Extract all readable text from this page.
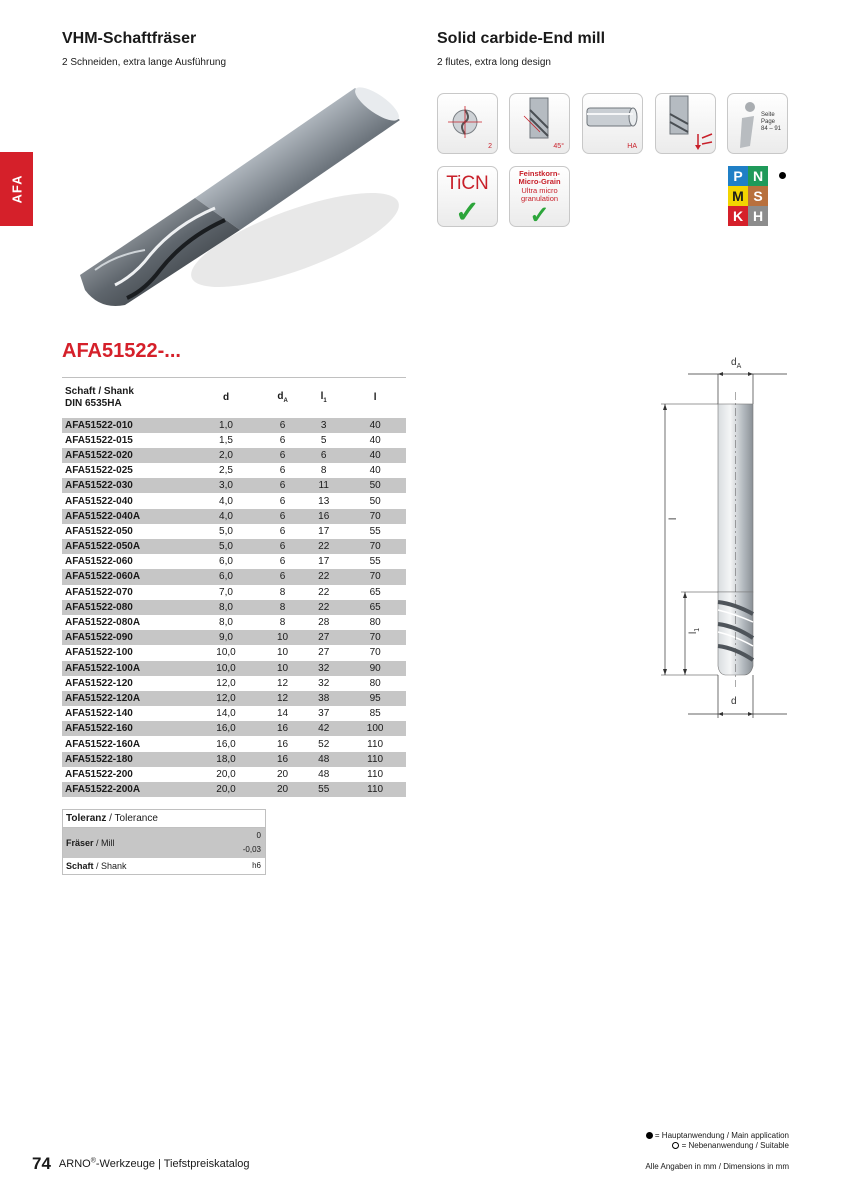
AFA
VHM-Schaftfräser
2 Schneiden, extra lange Ausführung
Solid carbide-End mill
2 flutes, extra long design
2	45°	HA
Seite Page
84 – 91
TiCN
✓
Feinstkorn-
Micro-Grain
Ultra micro
granulation
✓
P N
M S
K H
AFA51522-...
Schaft / Shank
DIN 6535HA	d	$d_A$	$l_1$	l
AFA51522-010	1,0	6	3	40
AFA51522-015	1,5	6	5	40
AFA51522-020	2,0	6	6	40
AFA51522-025	2,5	6	8	40
AFA51522-030	3,0	6	11	50
AFA51522-040	4,0	6	13	50
AFA51522-040A	4,0	6	16	70
AFA51522-050	5,0	6	17	55
AFA51522-050A	5,0	6	22	70
AFA51522-060	6,0	6	17	55
AFA51522-060A	6,0	6	22	70
AFA51522-070	7,0	8	22	65
AFA51522-080	8,0	8	22	65
AFA51522-080A	8,0	8	28	80
AFA51522-090	9,0	10	27	70
AFA51522-100	10,0	10	27	70
AFA51522-100A	10,0	10	32	90
AFA51522-120	12,0	12	32	80
AFA51522-120A	12,0	12	38	95
AFA51522-140	14,0	14	37	85
AFA51522-160	16,0	16	42	100
AFA51522-160A	16,0	16	52	110
AFA51522-180	18,0	16	48	110
AFA51522-200	20,0	20	48	110
AFA51522-200A	20,0	20	55	110
Toleranz / Tolerance
Fräser / Mill
0
-0,03
Schaft / Shank	h6
$d_A$
l
$l_1$
d
= Hauptanwendung / Main application
= Nebenanwendung / Suitable
74 ARNO®-Werkzeuge | Tiefstpreiskatalog	Alle Angaben in mm / Dimensions in mm
